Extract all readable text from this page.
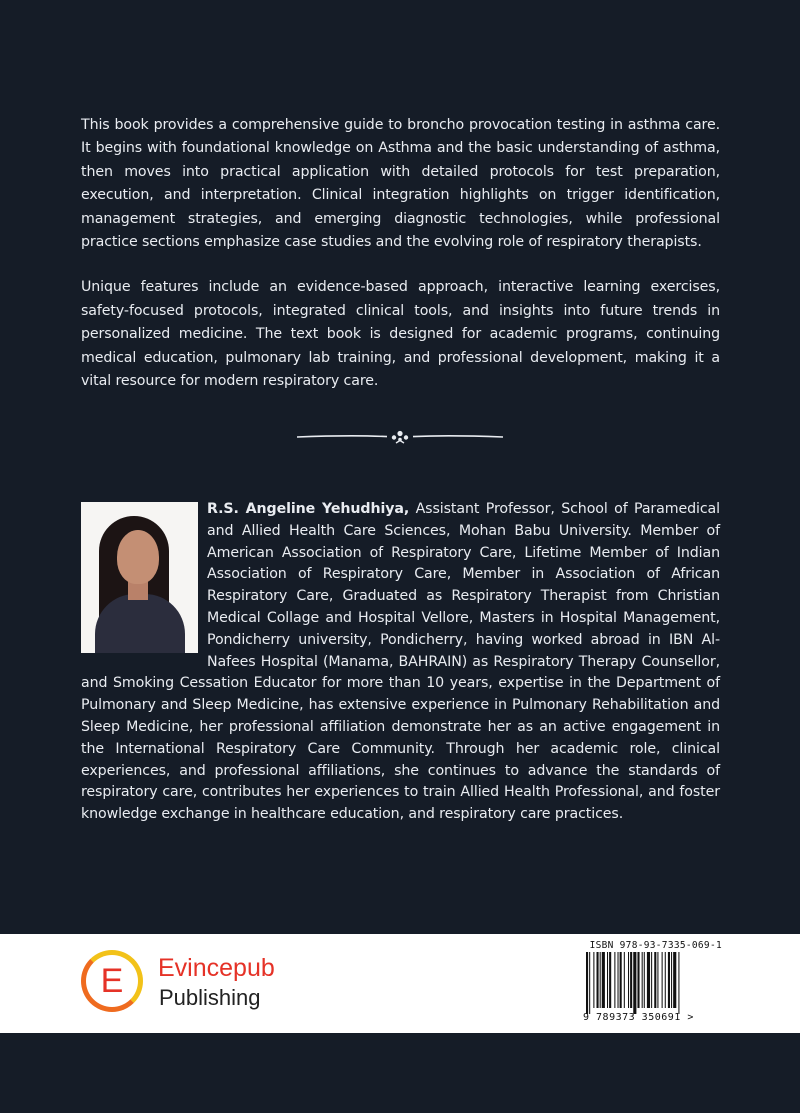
This book provides a comprehensive guide to broncho provocation testing in asthma care. It begins with foundational knowledge on Asthma and the basic understanding of asthma, then moves into practical application with detailed protocols for test preparation, execution, and interpretation. Clinical integration highlights on trigger identification, management strategies, and emerging diagnostic technologies, while professional practice sections emphasize case studies and the evolving role of respiratory therapists.

Unique features include an evidence-based approach, interactive learning exercises, safety-focused protocols, integrated clinical tools, and insights into future trends in personalized medicine. The text book is designed for academic programs, continuing medical education, pulmonary lab training, and professional development, making it a vital resource for modern respiratory care.

R.S. Angeline Yehudhiya, Assistant Professor, School of Paramedical and Allied Health Care Sciences, Mohan Babu University. Member of American Association of Respiratory Care, Lifetime Member of Indian Association of Respiratory Care, Member in Association of African Respiratory Care, Graduated as Respiratory Therapist from Christian Medical Collage and Hospital Vellore, Masters in Hospital Management, Pondicherry university, Pondicherry, having worked abroad in IBN Al-Nafees Hospital (Manama, BAHRAIN) as Respiratory Therapy Counsellor, and Smoking Cessation Educator for more than 10 years, expertise in the Department of Pulmonary and Sleep Medicine, has extensive experience in Pulmonary Rehabilitation and Sleep Medicine, her professional affiliation demonstrate her as an active engagement in the International Respiratory Care Community. Through her academic role, clinical experiences, and professional affiliations, she continues to advance the standards of respiratory care, contributes her experiences to train Allied Health Professional, and foster knowledge exchange in healthcare education, and respiratory care practices.
E	Evincepub
Publishing
ISBN 978-93-7335-069-1
9 789373 350691 >
